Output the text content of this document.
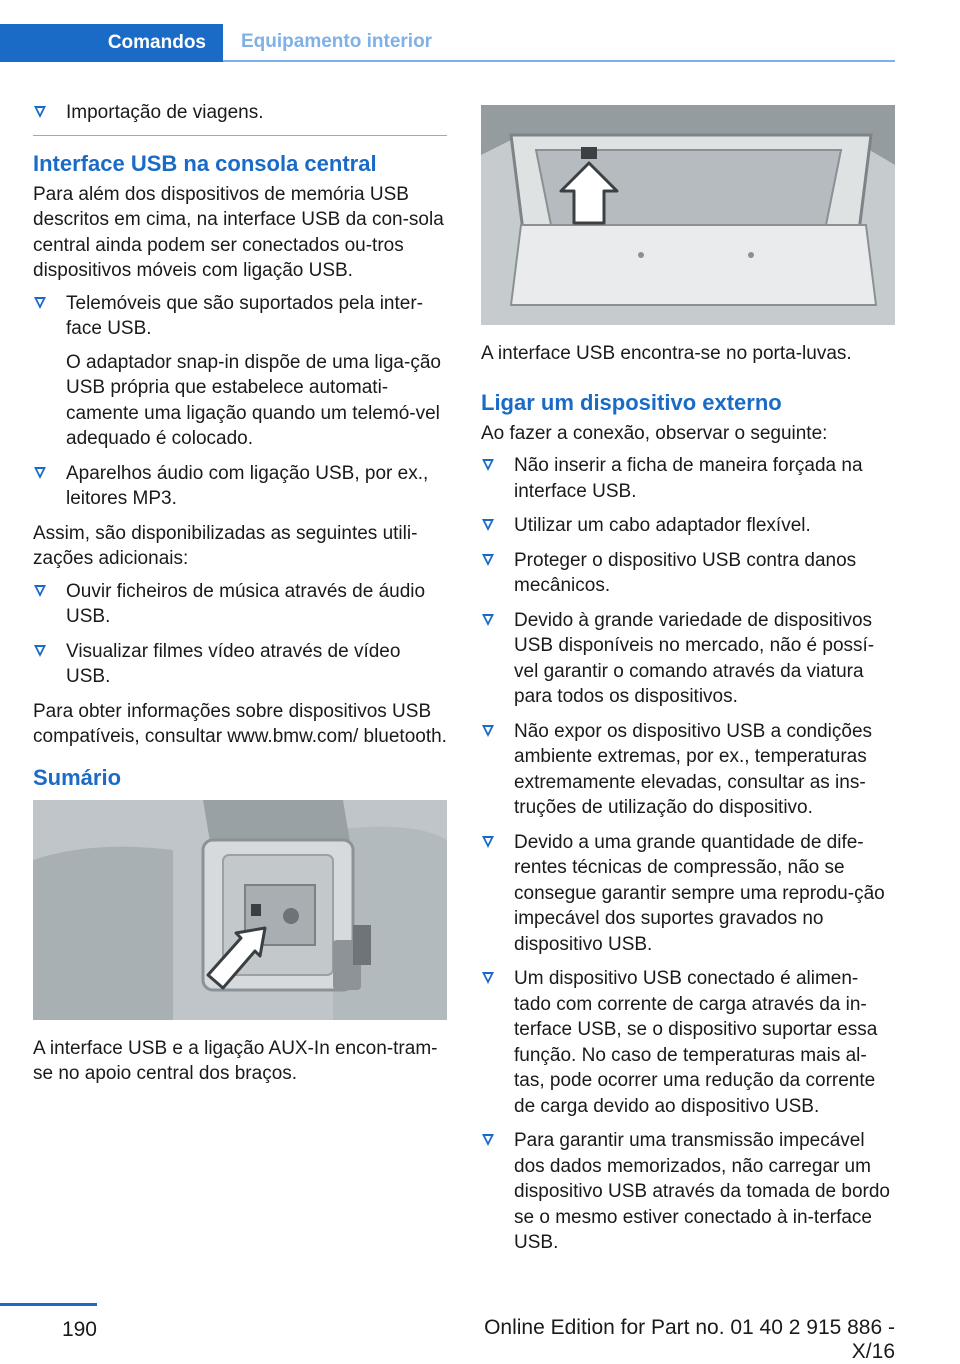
Comandos	Equipamento interior
Importação de viagens.
Interface USB na consola central

Para além dos dispositivos de memória USB descritos em cima, na interface USB da con-sola central ainda podem ser conectados ou-tros dispositivos móveis com ligação USB.

Telemóveis que são suportados pela inter-face USB.
O adaptador snap-in dispõe de uma liga-ção USB própria que estabelece automati-camente uma ligação quando um telemó-vel adequado é colocado.
Aparelhos áudio com ligação USB, por ex., leitores MP3.

Assim, são disponibilizadas as seguintes utili-zações adicionais:

Ouvir ficheiros de música através de áudio USB.
Visualizar filmes vídeo através de vídeo USB.

Para obter informações sobre dispositivos USB compatíveis, consultar www.bmw.com/ bluetooth.

Sumário

A interface USB e a ligação AUX-In encon-tram-se no apoio central dos braços.

A interface USB encontra-se no porta-luvas.

Ligar um dispositivo externo

Ao fazer a conexão, observar o seguinte:

Não inserir a ficha de maneira forçada na interface USB.
Utilizar um cabo adaptador flexível.
Proteger o dispositivo USB contra danos mecânicos.
Devido à grande variedade de dispositivos USB disponíveis no mercado, não é possí-vel garantir o comando através da viatura para todos os dispositivos.
Não expor os dispositivo USB a condições ambiente extremas, por ex., temperaturas extremamente elevadas, consultar as ins-truções de utilização do dispositivo.
Devido a uma grande quantidade de dife-rentes técnicas de compressão, não se consegue garantir sempre uma reprodu-ção impecável dos suportes gravados no dispositivo USB.
Um dispositivo USB conectado é alimen-tado com corrente de carga através da in-terface USB, se o dispositivo suportar essa função. No caso de temperaturas mais al-tas, pode ocorrer uma redução da corrente de carga devido ao dispositivo USB.
Para garantir uma transmissão impecável dos dados memorizados, não carregar um dispositivo USB através da tomada de bordo se o mesmo estiver conectado à in-terface USB.
190	Online Edition for Part no. 01 40 2 915 886 - X/16
